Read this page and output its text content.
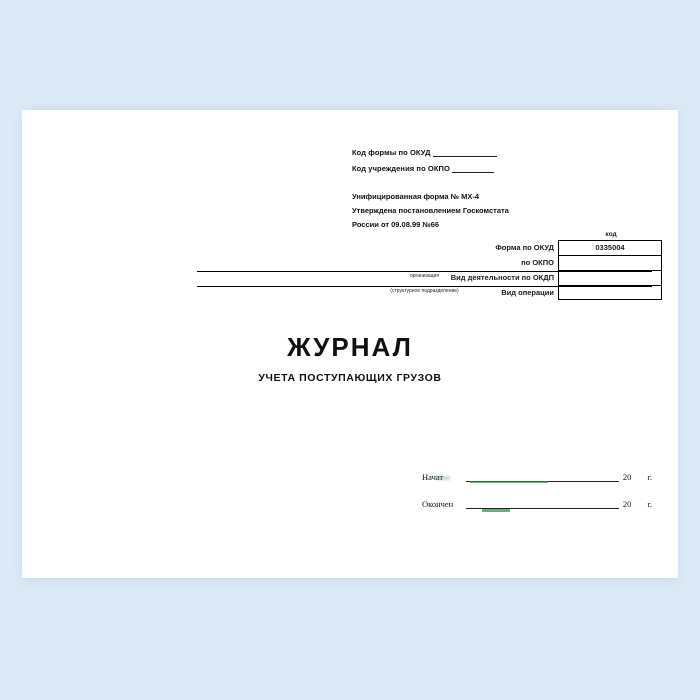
Код формы по ОКУД
Код учреждения по ОКПО
Унифицированная форма № МХ-4
Утверждена постановлением Госкомстата
России от 09.08.99 №66
код
Форма по ОКУД	0335004
по ОКПО
Вид деятельности по ОКДП
Вид операции
организация
(структурное подразделение)
ЖУРНАЛ
УЧЕТА ПОСТУПАЮЩИХ ГРУЗОВ
Начат	20 г.
Окончен	20 г.
